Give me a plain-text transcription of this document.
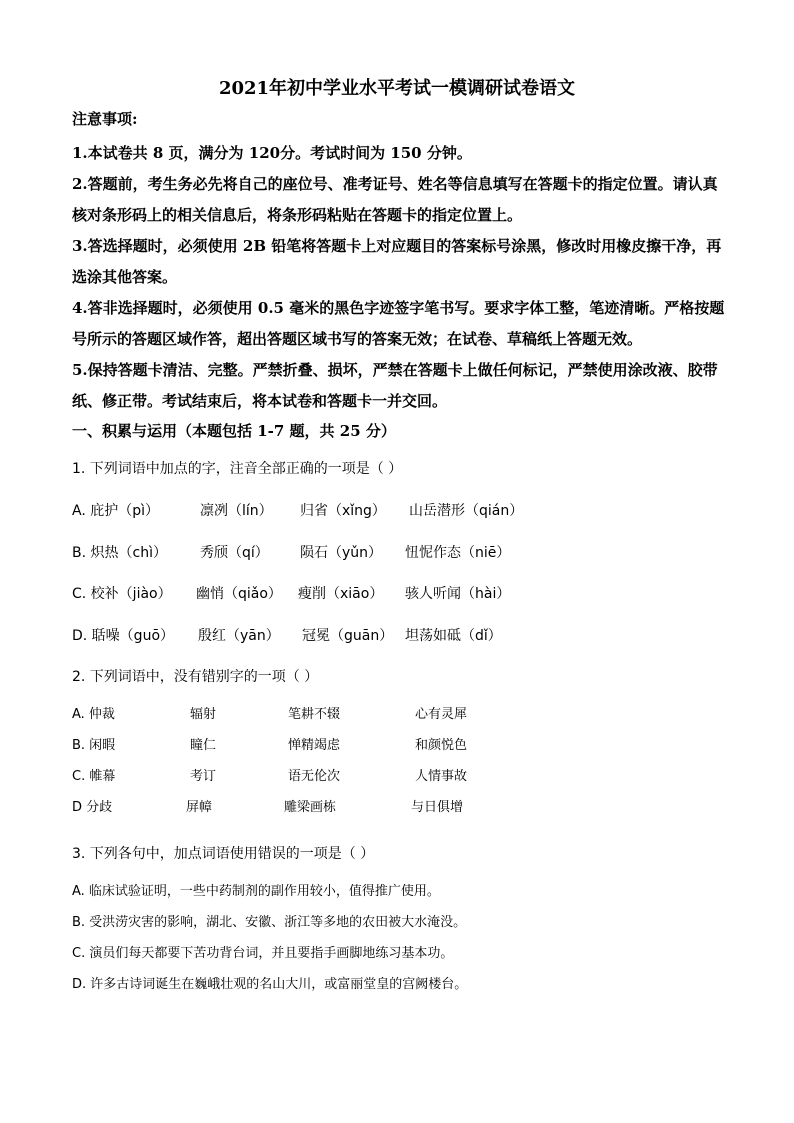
2021年初中学业水平考试一模调研试卷语文
注意事项:
1.本试卷共 8 页，满分为 120分。考试时间为 150 分钟。
2.答题前，考生务必先将自己的座位号、准考证号、姓名等信息填写在答题卡的指定位置。请认真核对条形码上的相关信息后，将条形码粘贴在答题卡的指定位置上。
3.答选择题时，必须使用 2B 铅笔将答题卡上对应题目的答案标号涂黑，修改时用橡皮擦干净，再选涂其他答案。
4.答非选择题时，必须使用 0.5 毫米的黑色字迹签字笔书写。要求字体工整，笔迹清晰。严格按题号所示的答题区域作答，超出答题区域书写的答案无效；在试卷、草稿纸上答题无效。
5.保持答题卡清洁、完整。严禁折叠、损坏，严禁在答题卡上做任何标记，严禁使用涂改液、胶带纸、修正带。考试结束后，将本试卷和答题卡一并交回。
一、积累与运用（本题包括 1-7 题，共 25 分）
1. 下列词语中加点的字，注音全部正确的一项是（ ）
A. 庇护（pì）	凛冽（lín） 归省（xǐng） 山岳潜形（qián）
B. 炽热（chì） 秀颀（qí） 陨石（yǔn） 忸怩作态（niē）
C. 校补（jiào） 幽悄（qiǎo） 瘦削（xiāo） 骇人听闻（hài）
D. 聒噪（guō） 殷红（yān） 冠冕（guān） 坦荡如砥（dǐ）
2. 下列词语中，没有错别字的一项（ ）
A. 仲裁	辐射	笔耕不辍	心有灵犀
B. 闲暇	瞳仁	惮精竭虑	和颜悦色
C. 帷幕	考订	语无伦次	人情事故
D 分歧	屏幛	雕梁画栋	与日俱增
3. 下列各句中，加点词语使用错误的一项是（ ）
A. 临床试验证明，一些中药制剂的副作用较小，值得推广使用。
B. 受洪涝灾害的影响，湖北、安徽、浙江等多地的农田被大水淹没。
C. 演员们每天都要下苦功背台词，并且要指手画脚地练习基本功。
D. 许多古诗词诞生在巍峨壮观的名山大川，或富丽堂皇的宫阙楼台。
